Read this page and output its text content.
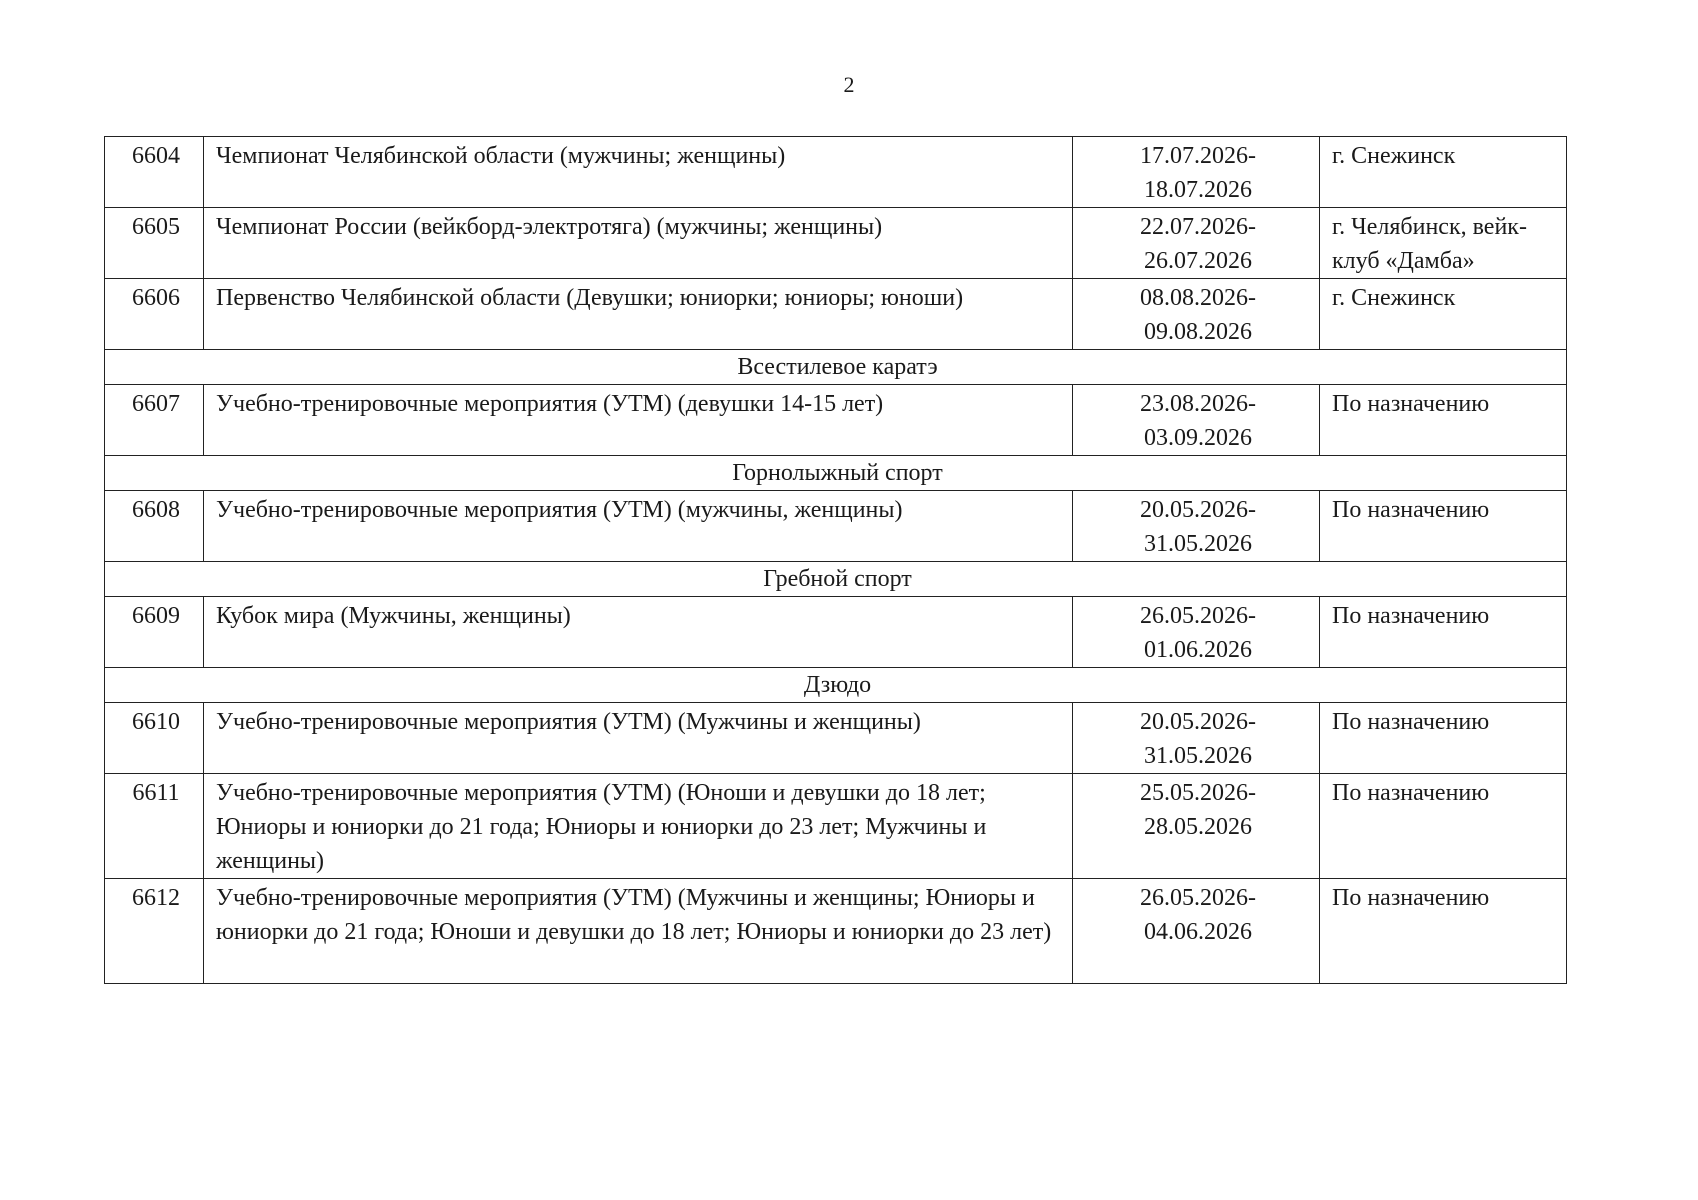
2
6604	Чемпионат Челябинской области (мужчины; женщины)	17.07.2026-
18.07.2026	г. Снежинск
6605	Чемпионат России (вейкборд-электротяга) (мужчины; женщины)	22.07.2026-
26.07.2026	г. Челябинск, вейк-клуб «Дамба»
6606	Первенство Челябинской области (Девушки; юниорки; юниоры; юноши)	08.08.2026-
09.08.2026	г. Снежинск
Всестилевое каратэ			
6607	Учебно-тренировочные мероприятия (УТМ) (девушки 14-15 лет)	23.08.2026-
03.09.2026	По назначению
Горнолыжный спорт			
6608	Учебно-тренировочные мероприятия (УТМ) (мужчины, женщины)	20.05.2026-
31.05.2026	По назначению
Гребной спорт			
6609	Кубок мира (Мужчины, женщины)	26.05.2026-
01.06.2026	По назначению
Дзюдо			
6610	Учебно-тренировочные мероприятия (УТМ) (Мужчины и женщины)	20.05.2026-
31.05.2026	По назначению
6611	Учебно-тренировочные мероприятия (УТМ) (Юноши и девушки до 18 лет; Юниоры и юниорки до 21 года; Юниоры и юниорки до 23 лет; Мужчины и женщины)	25.05.2026-
28.05.2026	По назначению
6612	Учебно-тренировочные мероприятия (УТМ) (Мужчины и женщины; Юниоры и юниорки до 21 года; Юноши и девушки до 18 лет; Юниоры и юниорки до 23 лет)	26.05.2026-
04.06.2026	По назначению
